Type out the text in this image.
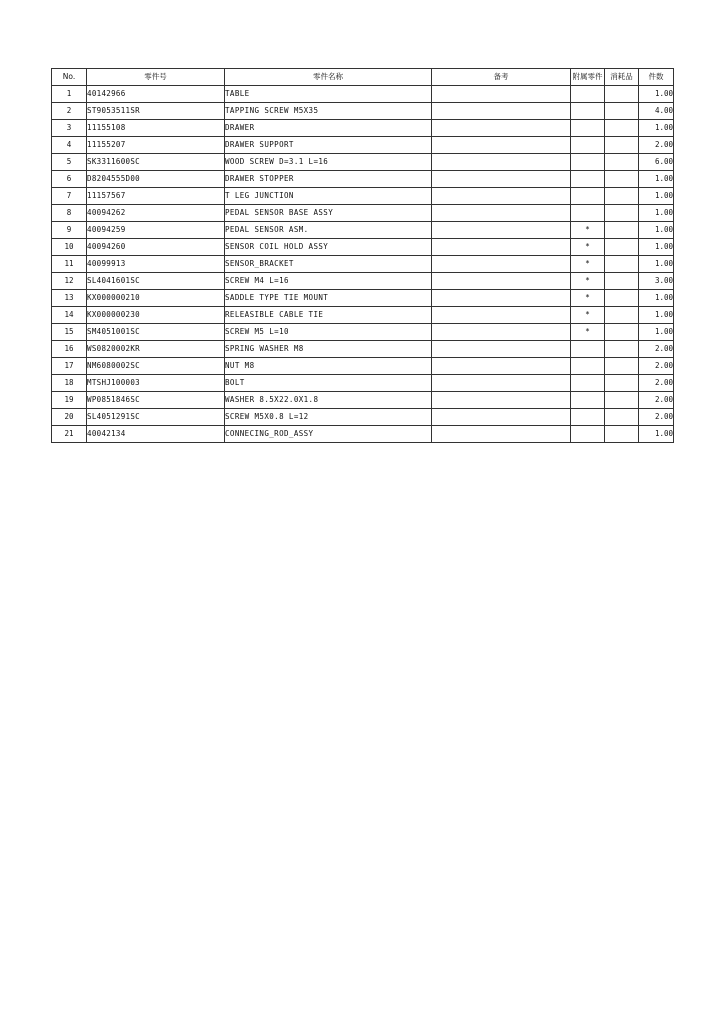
No.	零件号	零件名称	备考	附属零件	消耗品	件数
1	40142966	TABLE				1.00
2	ST9053511SR	TAPPING SCREW M5X35				4.00
3	11155108	DRAWER				1.00
4	11155207	DRAWER SUPPORT				2.00
5	SK3311600SC	WOOD SCREW D=3.1 L=16				6.00
6	D8204555D00	DRAWER STOPPER				1.00
7	11157567	T LEG JUNCTION				1.00
8	40094262	PEDAL SENSOR BASE ASSY				1.00
9	40094259	PEDAL SENSOR ASM.		*		1.00
10	40094260	SENSOR COIL HOLD ASSY		*		1.00
11	40099913	SENSOR_BRACKET		*		1.00
12	SL4041601SC	SCREW M4 L=16		*		3.00
13	KX000000210	SADDLE TYPE TIE MOUNT		*		1.00
14	KX000000230	RELEASIBLE CABLE TIE		*		1.00
15	SM4051001SC	SCREW M5 L=10		*		1.00
16	WS0820002KR	SPRING WASHER M8				2.00
17	NM6080002SC	NUT M8				2.00
18	MTSHJ100003	BOLT				2.00
19	WP0851846SC	WASHER 8.5X22.0X1.8				2.00
20	SL4051291SC	SCREW M5X0.8 L=12				2.00
21	40042134	CONNECING_ROD_ASSY				1.00
